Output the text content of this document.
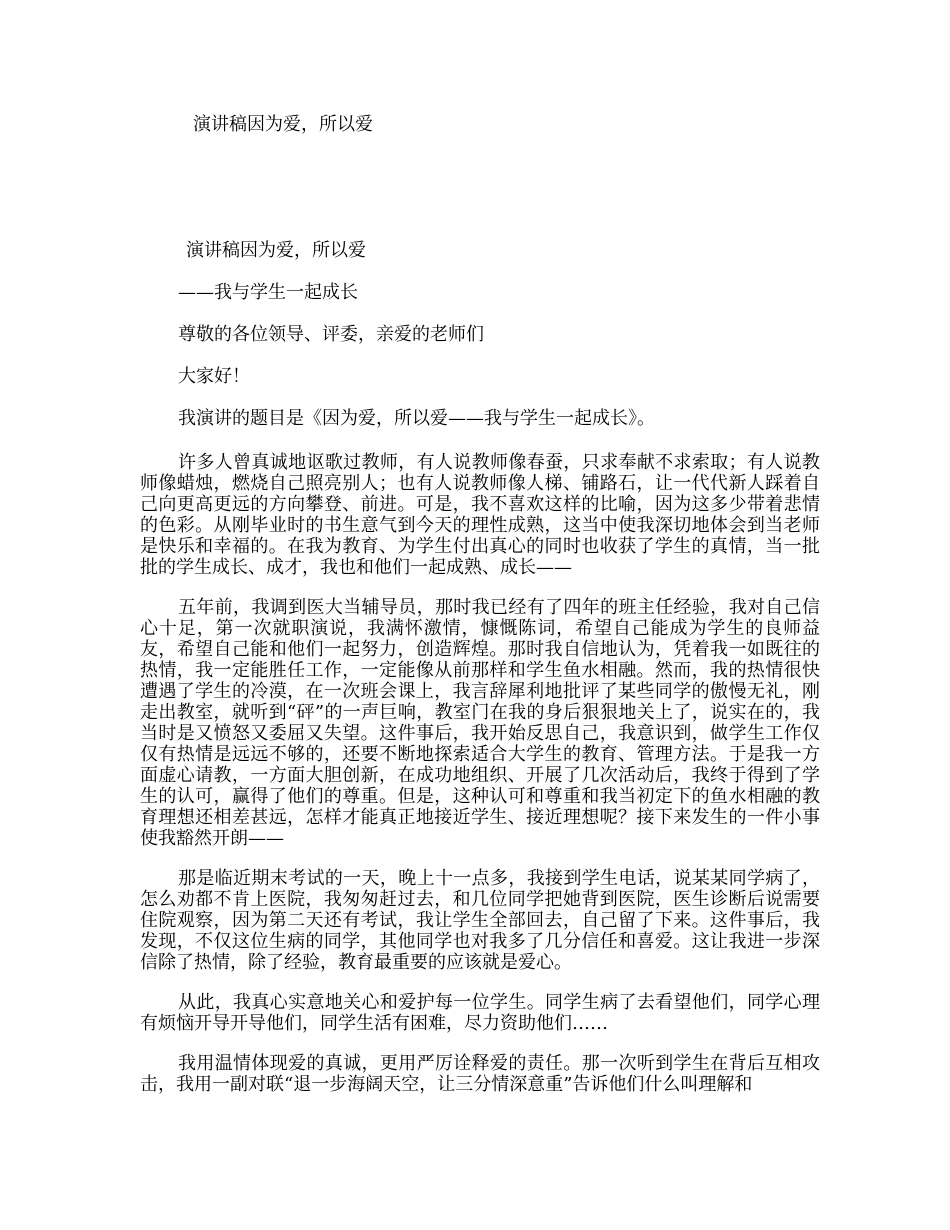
演讲稿因为爱，所以爱
演讲稿因为爱，所以爱
——我与学生一起成长
尊敬的各位领导、评委，亲爱的老师们
大家好！
我演讲的题目是《因为爱，所以爱——我与学生一起成长》。

许多人曾真诚地讴歌过教师，有人说教师像春蚕，只求奉献不求索取；有人说教师像蜡烛，燃烧自己照亮别人；也有人说教师像人梯、铺路石，让一代代新人踩着自己向更高更远的方向攀登、前进。可是，我不喜欢这样的比喻，因为这多少带着悲情的色彩。从刚毕业时的书生意气到今天的理性成熟，这当中使我深切地体会到当老师是快乐和幸福的。在我为教育、为学生付出真心的同时也收获了学生的真情，当一批批的学生成长、成才，我也和他们一起成熟、成长——

五年前，我调到医大当辅导员，那时我已经有了四年的班主任经验，我对自己信心十足，第一次就职演说，我满怀激情，慷慨陈词，希望自己能成为学生的良师益友，希望自己能和他们一起努力，创造辉煌。那时我自信地认为，凭着我一如既往的热情，我一定能胜任工作，一定能像从前那样和学生鱼水相融。然而，我的热情很快遭遇了学生的冷漠，在一次班会课上，我言辞犀利地批评了某些同学的傲慢无礼，刚走出教室，就听到“砰”的一声巨响，教室门在我的身后狠狠地关上了，说实在的，我当时是又愤怒又委屈又失望。这件事后，我开始反思自己，我意识到，做学生工作仅仅有热情是远远不够的，还要不断地探索适合大学生的教育、管理方法。于是我一方面虚心请教，一方面大胆创新，在成功地组织、开展了几次活动后，我终于得到了学生的认可，赢得了他们的尊重。但是，这种认可和尊重和我当初定下的鱼水相融的教育理想还相差甚远，怎样才能真正地接近学生、接近理想呢？接下来发生的一件小事使我豁然开朗——

那是临近期末考试的一天，晚上十一点多，我接到学生电话，说某某同学病了，怎么劝都不肯上医院，我匆匆赶过去，和几位同学把她背到医院，医生诊断后说需要住院观察，因为第二天还有考试，我让学生全部回去，自己留了下来。这件事后，我发现，不仅这位生病的同学，其他同学也对我多了几分信任和喜爱。这让我进一步深信除了热情，除了经验，教育最重要的应该就是爱心。

从此，我真心实意地关心和爱护每一位学生。同学生病了去看望他们，同学心理有烦恼开导开导他们，同学生活有困难，尽力资助他们……

我用温情体现爱的真诚，更用严厉诠释爱的责任。那一次听到学生在背后互相攻击，我用一副对联“退一步海阔天空，让三分情深意重”告诉他们什么叫理解和
